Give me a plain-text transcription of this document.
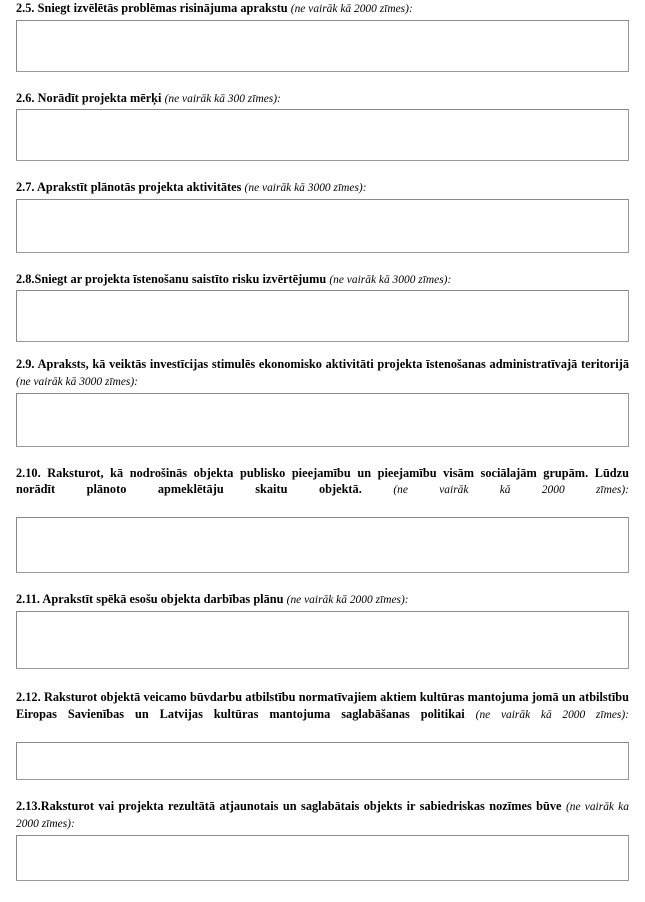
2.5. Sniegt izvēlētās problēmas risinājuma aprakstu (ne vairāk kā 2000 zīmes):

2.6. Norādīt projekta mērķi (ne vairāk kā 300 zīmes):

2.7. Aprakstīt plānotās projekta aktivitātes (ne vairāk kā 3000 zīmes):

2.8.Sniegt ar projekta īstenošanu saistīto risku izvērtējumu (ne vairāk kā 3000 zīmes):

2.9. Apraksts, kā veiktās investīcijas stimulēs ekonomisko aktivitāti projekta īstenošanas administratīvajā teritorijā (ne vairāk kā 3000 zīmes):

2.10. Raksturot, kā nodrošinās objekta publisko pieejamību un pieejamību visām sociālajām grupām. Lūdzu norādīt plānoto apmeklētāju skaitu objektā.	(ne vairāk kā 2000 zīmes):

2.11. Aprakstīt spēkā esošu objekta darbības plānu (ne vairāk kā 2000 zīmes):

2.12. Raksturot objektā veicamo būvdarbu atbilstību normatīvajiem aktiem kultūras mantojuma jomā un atbilstību Eiropas Savienības un Latvijas kultūras mantojuma saglabāšanas politikai (ne vairāk kā 2000 zīmes):

2.13.Raksturot vai projekta rezultātā atjaunotais un saglabātais objekts ir sabiedriskas nozīmes būve (ne vairāk ka 2000 zīmes):
